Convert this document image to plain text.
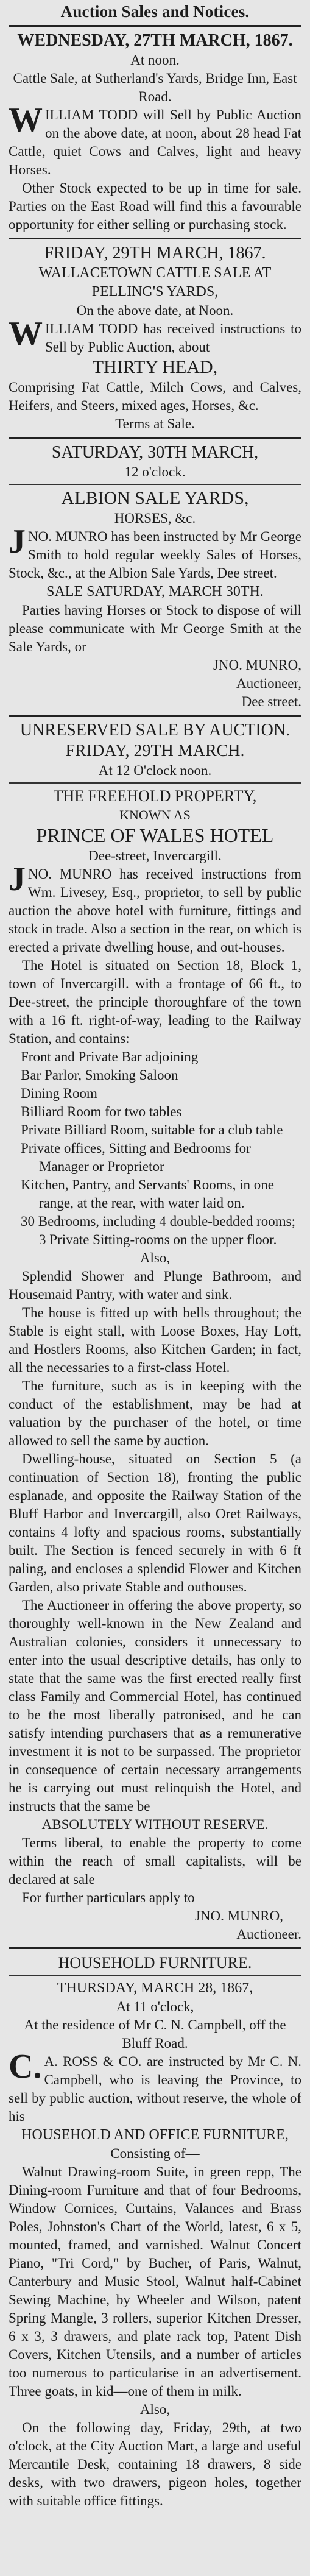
Auction Sales and Notices.

WEDNESDAY, 27TH MARCH, 1867.

At noon.

Cattle Sale, at Sutherland's Yards, Bridge Inn, East Road.

WILLIAM TODD will Sell by Public Auction on the above date, at noon, about 28 head Fat Cattle, quiet Cows and Calves, light and heavy Horses.

Other Stock expected to be up in time for sale. Parties on the East Road will find this a favourable opportunity for either selling or purchasing stock.

FRIDAY, 29TH MARCH, 1867.

WALLACETOWN CATTLE SALE AT PELLING'S YARDS,

On the above date, at Noon.

WILLIAM TODD has received instructions to Sell by Public Auction, about

THIRTY HEAD,

Comprising Fat Cattle, Milch Cows, and Calves, Heifers, and Steers, mixed ages, Horses, &c.

Terms at Sale.

SATURDAY, 30TH MARCH,

12 o'clock.

ALBION SALE YARDS,

HORSES, &c.

JNO. MUNRO has been instructed by Mr George Smith to hold regular weekly Sales of Horses, Stock, &c., at the Albion Sale Yards, Dee street.

SALE SATURDAY, MARCH 30TH.

Parties having Horses or Stock to dispose of will please communicate with Mr George Smith at the Sale Yards, or

JNO. MUNRO,

Auctioneer,

Dee street.

UNRESERVED SALE BY AUCTION.

FRIDAY, 29TH MARCH.

At 12 O'clock noon.

THE FREEHOLD PROPERTY,

KNOWN AS

PRINCE OF WALES HOTEL

Dee-street, Invercargill.

JNO. MUNRO has received instructions from Wm. Livesey, Esq., proprietor, to sell by public auction the above hotel with furniture, fittings and stock in trade. Also a section in the rear, on which is erected a private dwelling house, and out-houses.

The Hotel is situated on Section 18, Block 1, town of Invercargill. with a frontage of 66 ft., to Dee-street, the principle thoroughfare of the town with a 16 ft. right-of-way, leading to the Railway Station, and contains:

Front and Private Bar adjoining

Bar Parlor, Smoking Saloon

Dining Room

Billiard Room for two tables

Private Billiard Room, suitable for a club table

Private offices, Sitting and Bedrooms for Manager or Proprietor

Kitchen, Pantry, and Servants' Rooms, in one range, at the rear, with water laid on.

30 Bedrooms, including 4 double-bedded rooms; 3 Private Sitting-rooms on the upper floor.

Also,

Splendid Shower and Plunge Bathroom, and Housemaid Pantry, with water and sink.

The house is fitted up with bells throughout; the Stable is eight stall, with Loose Boxes, Hay Loft, and Hostlers Rooms, also Kitchen Garden; in fact, all the necessaries to a first-class Hotel.

The furniture, such as is in keeping with the conduct of the establishment, may be had at valuation by the purchaser of the hotel, or time allowed to sell the same by auction.

Dwelling-house, situated on Section 5 (a continuation of Section 18), fronting the public esplanade, and opposite the Railway Station of the Bluff Harbor and Invercargill, also Oret Railways, contains 4 lofty and spacious rooms, substantially built. The Section is fenced securely in with 6 ft paling, and encloses a splendid Flower and Kitchen Garden, also private Stable and outhouses.

The Auctioneer in offering the above property, so thoroughly well-known in the New Zealand and Australian colonies, considers it unnecessary to enter into the usual descriptive details, has only to state that the same was the first erected really first class Family and Commercial Hotel, has continued to be the most liberally patronised, and he can satisfy intending purchasers that as a remunerative investment it is not to be surpassed. The proprietor in consequence of certain necessary arrangements he is carrying out must relinquish the Hotel, and instructs that the same be

ABSOLUTELY WITHOUT RESERVE.

Terms liberal, to enable the property to come within the reach of small capitalists, will be declared at sale

For further particulars apply to

JNO. MUNRO,

Auctioneer.

HOUSEHOLD FURNITURE.

THURSDAY, MARCH 28, 1867,

At 11 o'clock,

At the residence of Mr C. N. Campbell, off the Bluff Road.

C.A. ROSS & CO. are instructed by Mr C. N. Campbell, who is leaving the Province, to sell by public auction, without reserve, the whole of his

HOUSEHOLD AND OFFICE FURNITURE,

Consisting of—

Walnut Drawing-room Suite, in green repp, The Dining-room Furniture and that of four Bedrooms, Window Cornices, Curtains, Valances and Brass Poles, Johnston's Chart of the World, latest, 6 x 5, mounted, framed, and varnished. Walnut Concert Piano, "Tri Cord," by Bucher, of Paris, Walnut, Canterbury and Music Stool, Walnut half-Cabinet Sewing Machine, by Wheeler and Wilson, patent Spring Mangle, 3 rollers, superior Kitchen Dresser, 6 x 3, 3 drawers, and plate rack top, Patent Dish Covers, Kitchen Utensils, and a number of articles too numerous to particularise in an advertisement. Three goats, in kid—one of them in milk.

Also,

On the following day, Friday, 29th, at two o'clock, at the City Auction Mart, a large and useful Mercantile Desk, containing 18 drawers, 8 side desks, with two drawers, pigeon holes, together with suitable office fittings.
